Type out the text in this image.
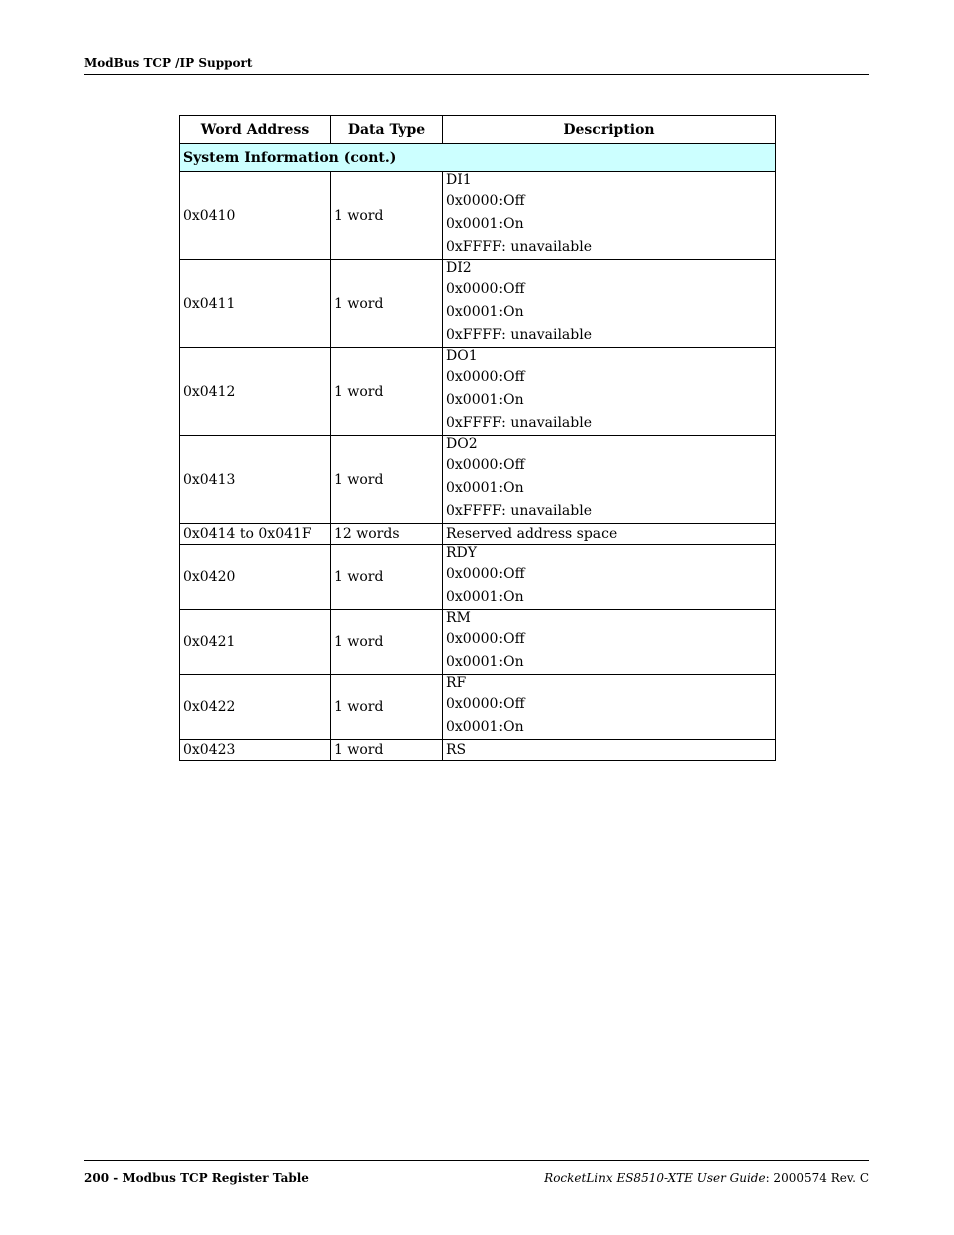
ModBus TCP /IP Support
Word Address	Data Type	Description
System Information (cont.)		
0x0410	1 word	DI1
0x0000:Off
0x0001:On
0xFFFF: unavailable

0x0411	1 word	DI2
0x0000:Off
0x0001:On
0xFFFF: unavailable

0x0412	1 word	DO1
0x0000:Off
0x0001:On
0xFFFF: unavailable

0x0413	1 word	DO2
0x0000:Off
0x0001:On
0xFFFF: unavailable

0x0414 to 0x041F	12 words	Reserved address space
0x0420	1 word	RDY
0x0000:Off
0x0001:On

0x0421	1 word	RM
0x0000:Off
0x0001:On

0x0422	1 word	RF
0x0000:Off
0x0001:On

0x0423	1 word	RS
200 - Modbus TCP Register Table	RocketLinx ES8510-XTE User Guide: 2000574 Rev. C
